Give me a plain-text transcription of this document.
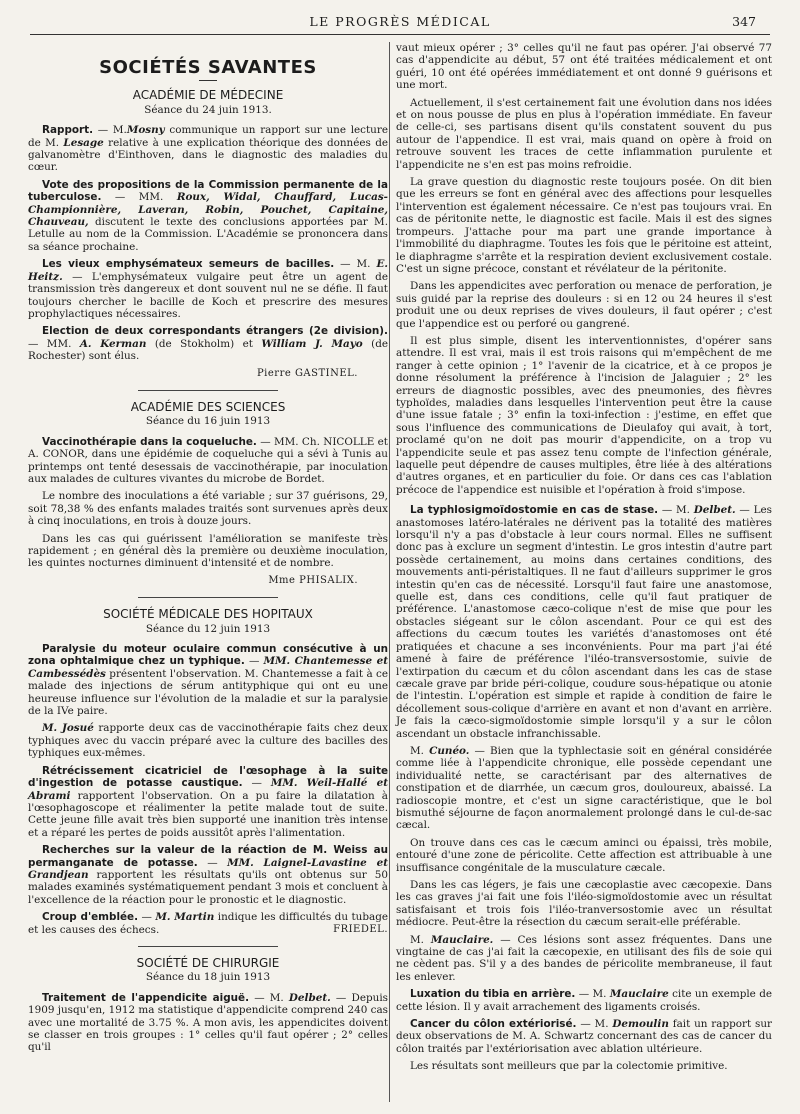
LE PROGRÈS MÉDICAL	347
SOCIÉTÉS SAVANTES
ACADÉMIE DE MÉDECINE
Séance du 24 juin 1913.

Rapport. — M.Mosny communique un rapport sur une lecture de M. Lesage relative à une explication théorique des données de galvanomètre d'Einthoven, dans le diagnostic des maladies du cœur.

Vote des propositions de la Commission permanente de la tuberculose. — MM. Roux, Widal, Chauffard, Lucas-Championnière, Laveran, Robin, Pouchet, Capitaine, Chauveau, discutent le texte des conclusions apportées par M. Letulle au nom de la Commission. L'Académie se prononcera dans sa séance prochaine.

Les vieux emphysémateux semeurs de bacilles. — M. E. Heitz. — L'emphysémateux vulgaire peut être un agent de transmission très dangereux et dont souvent nul ne se défie. Il faut toujours chercher le bacille de Koch et prescrire des mesures prophylactiques nécessaires.

Election de deux correspondants étrangers (2e division). — MM. A. Kerman (de Stokholm) et William J. Mayo (de Rochester) sont élus.

Pierre GASTINEL.
ACADÉMIE DES SCIENCES
Séance du 16 juin 1913

Vaccinothérapie dans la coqueluche. — MM. Ch. NICOLLE et A. CONOR, dans une épidémie de coqueluche qui a sévi à Tunis au printemps ont tenté desessais de vaccinothérapie, par inoculation aux malades de cultures vivantes du microbe de Bordet.

Le nombre des inoculations a été variable ; sur 37 guérisons, 29, soit 78,38 % des enfants malades traités sont survenues après deux à cinq inoculations, en trois à douze jours.

Dans les cas qui guérissent l'amélioration se manifeste très rapidement ; en général dès la première ou deuxième inoculation, les quintes nocturnes diminuent d'intensité et de nombre.

Mme PHISALIX.
SOCIÉTÉ MÉDICALE DES HOPITAUX
Séance du 12 juin 1913

Paralysie du moteur oculaire commun consécutive à un zona ophtalmique chez un typhique. — MM. Chantemesse et Cambessédès présentent l'observation. M. Chantemesse a fait à ce malade des injections de sérum antityphique qui ont eu une heureuse influence sur l'évolution de la maladie et sur la paralysie de la IVe paire.

M. Josué rapporte deux cas de vaccinothérapie faits chez deux typhiques avec du vaccin préparé avec la culture des bacilles des typhiques eux-mêmes.

Rétrécissement cicatriciel de l'œsophage à la suite d'ingestion de potasse caustique. — MM. Weil-Hallé et Abrami rapportent l'observation. On a pu faire la dilatation à l'œsophagoscope et réalimenter la petite malade tout de suite. Cette jeune fille avait très bien supporté une inanition très intense et a réparé les pertes de poids aussitôt après l'alimentation.

Recherches sur la valeur de la réaction de M. Weiss au permanganate de potasse. — MM. Laignel-Lavastine et Grandjean rapportent les résultats qu'ils ont obtenus sur 50 malades examinés systématiquement pendant 3 mois et concluent à l'excellence de la réaction pour le pronostic et le diagnostic.

Croup d'emblée. — M. Martin indique les difficultés du tubage et les causes des échecs.	FRIEDEL.

SOCIÉTÉ DE CHIRURGIE
Séance du 18 juin 1913

Traitement de l'appendicite aiguë. — M. Delbet. — Depuis 1909 jusqu'en, 1912 ma statistique d'appendicite comprend 240 cas avec une mortalité de 3.75 %. A mon avis, les appendicites doivent se classer en trois groupes : 1° celles qu'il faut opérer ; 2° celles qu'il

vaut mieux opérer ; 3° celles qu'il ne faut pas opérer. J'ai observé 77 cas d'appendicite au début, 57 ont été traitées médicalement et ont guéri, 10 ont été opérées immédiatement et ont donné 9 guérisons et une mort.

Actuellement, il s'est certainement fait une évolution dans nos idées et on nous pousse de plus en plus à l'opération immédiate. En faveur de celle-ci, ses partisans disent qu'ils constatent souvent du pus autour de l'appendice. Il est vrai, mais quand on opère à froid on retrouve souvent les traces de cette inflammation purulente et l'appendicite ne s'en est pas moins refroidie.

La grave question du diagnostic reste toujours posée. On dit bien que les erreurs se font en général avec des affections pour lesquelles l'intervention est également nécessaire. Ce n'est pas toujours vrai. En cas de péritonite nette, le diagnostic est facile. Mais il est des signes trompeurs. J'attache pour ma part une grande importance à l'immobilité du diaphragme. Toutes les fois que le péritoine est atteint, le diaphragme s'arrête et la respiration devient exclusivement costale. C'est un signe précoce, constant et révélateur de la péritonite.

Dans les appendicites avec perforation ou menace de perforation, je suis guidé par la reprise des douleurs : si en 12 ou 24 heures il s'est produit une ou deux reprises de vives douleurs, il faut opérer ; c'est que l'appendice est ou perforé ou gangrené.

Il est plus simple, disent les interventionnistes, d'opérer sans attendre. Il est vrai, mais il est trois raisons qui m'empêchent de me ranger à cette opinion ; 1° l'avenir de la cicatrice, et à ce propos je donne résolument la préférence à l'incision de Jalaguier ; 2° les erreurs de diagnostic possibles, avec des pneumonies, des fièvres typhoïdes, maladies dans lesquelles l'intervention peut être la cause d'une issue fatale ; 3° enfin la toxi-infection : j'estime, en effet que sous l'influence des communications de Dieulafoy qui avait, à tort, proclamé qu'on ne doit pas mourir d'appendicite, on a trop vu l'appendicite seule et pas assez tenu compte de l'infection générale, laquelle peut dépendre de causes multiples, être liée à des altérations d'autres organes, et en particulier du foie. Or dans ces cas l'ablation précoce de l'appendice est nuisible et l'opération à froid s'impose.

La typhlosigmoïdostomie en cas de stase. — M. Delbet. — Les anastomoses latéro-latérales ne dérivent pas la totalité des matières lorsqu'il n'y a pas d'obstacle à leur cours normal. Elles ne suffisent donc pas à exclure un segment d'intestin. Le gros intestin d'autre part possède certainement, au moins dans certaines conditions, des mouvements anti-péristaltiques. Il ne faut d'ailleurs supprimer le gros intestin qu'en cas de nécessité. Lorsqu'il faut faire une anastomose, quelle est, dans ces conditions, celle qu'il faut pratiquer de préférence. L'anastomose cæco-colique n'est de mise que pour les obstacles siégeant sur le côlon ascendant. Pour ce qui est des affections du cæcum toutes les variétés d'anastomoses ont été pratiquées et chacune a ses inconvénients. Pour ma part j'ai été amené à faire de préférence l'iléo-transversostomie, suivie de l'extirpation du cæcum et du côlon ascendant dans les cas de stase cæcale grave par bride péri-colique, coudure sous-hépatique ou atonie de l'intestin. L'opération est simple et rapide à condition de faire le décollement sous-colique d'arrière en avant et non d'avant en arrière. Je fais la cæco-sigmoïdostomie simple lorsqu'il y a sur le côlon ascendant un obstacle infranchissable.

M. Cunéo. — Bien que la typhlectasie soit en général considérée comme liée à l'appendicite chronique, elle possède cependant une individualité nette, se caractérisant par des alternatives de constipation et de diarrhée, un cæcum gros, douloureux, abaissé. La radioscopie montre, et c'est un signe caractéristique, que le bol bismuthé séjourne de façon anormalement prolongé dans le cul-de-sac cæcal.

On trouve dans ces cas le cæcum aminci ou épaissi, très mobile, entouré d'une zone de péricolite. Cette affection est attribuable à une insuffisance congénitale de la musculature cæcale.

Dans les cas légers, je fais une cæcoplastie avec cæcopexie. Dans les cas graves j'ai fait une fois l'iléo-sigmoïdostomie avec un résultat satisfaisant et trois fois l'iléo-tranversostomie avec un résultat médiocre. Peut-être la résection du cæcum serait-elle préférable.

M. Mauclaire. — Ces lésions sont assez fréquentes. Dans une vingtaine de cas j'ai fait la cæcopexie, en utilisant des fils de soie qui ne cèdent pas. S'il y a des bandes de péricolite membraneuse, il faut les enlever.

Luxation du tibia en arrière. — M. Mauclaire cite un exemple de cette lésion. Il y avait arrachement des ligaments croisés.

Cancer du côlon extériorisé. — M. Demoulin fait un rapport sur deux observations de M. A. Schwartz concernant des cas de cancer du côlon traités par l'extériorisation avec ablation ultérieure.

Les résultats sont meilleurs que par la colectomie primitive.
